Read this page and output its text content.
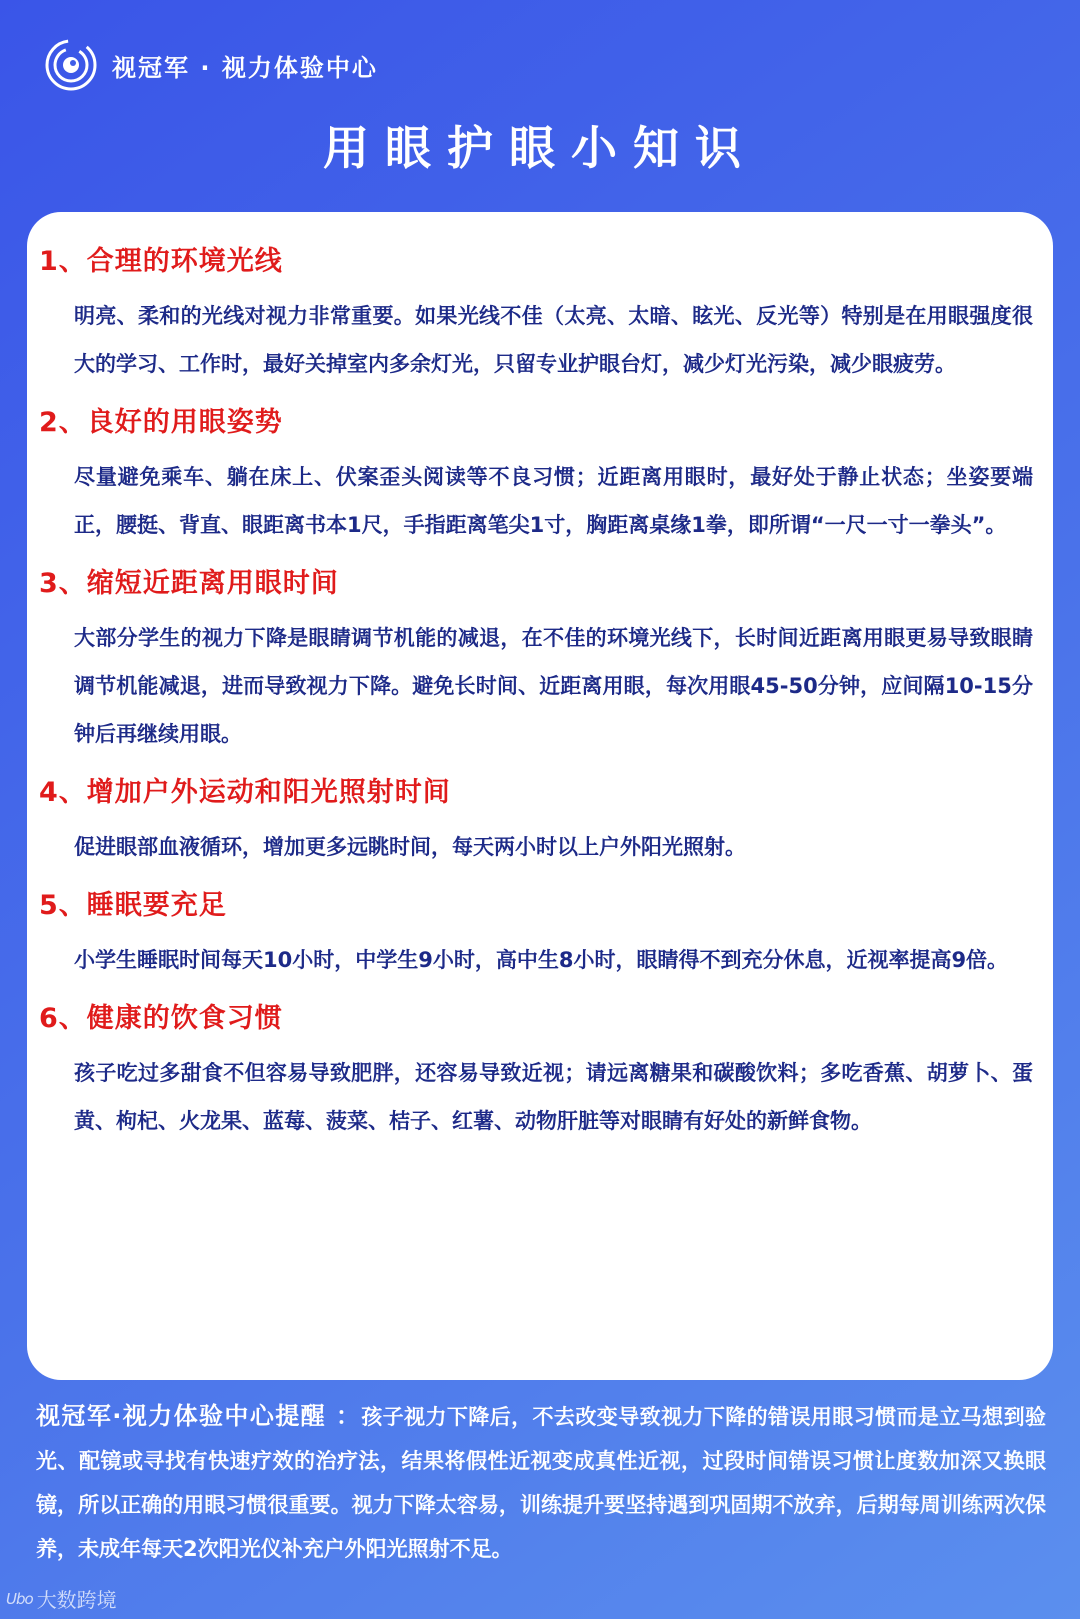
视冠军 · 视力体验中心
用眼护眼小知识
1、合理的环境光线
明亮、柔和的光线对视力非常重要。如果光线不佳（太亮、太暗、眩光、反光等）特别是在用眼强度很大的学习、工作时，最好关掉室内多余灯光，只留专业护眼台灯，减少灯光污染，减少眼疲劳。
2、良好的用眼姿势
尽量避免乘车、躺在床上、伏案歪头阅读等不良习惯；近距离用眼时，最好处于静止状态；坐姿要端正，腰挺、背直、眼距离书本1尺，手指距离笔尖1寸，胸距离桌缘1拳，即所谓“一尺一寸一拳头”。
3、缩短近距离用眼时间
大部分学生的视力下降是眼睛调节机能的减退，在不佳的环境光线下，长时间近距离用眼更易导致眼睛调节机能减退，进而导致视力下降。避免长时间、近距离用眼，每次用眼45-50分钟，应间隔10-15分钟后再继续用眼。
4、增加户外运动和阳光照射时间
促进眼部血液循环，增加更多远眺时间，每天两小时以上户外阳光照射。
5、睡眠要充足
小学生睡眠时间每天10小时，中学生9小时，高中生8小时，眼睛得不到充分休息，近视率提高9倍。
6、健康的饮食习惯
孩子吃过多甜食不但容易导致肥胖，还容易导致近视；请远离糖果和碳酸饮料；多吃香蕉、胡萝卜、蛋黄、枸杞、火龙果、蓝莓、菠菜、桔子、红薯、动物肝脏等对眼睛有好处的新鲜食物。
视冠军·视力体验中心提醒 ：孩子视力下降后，不去改变导致视力下降的错误用眼习惯而是立马想到验光、配镜或寻找有快速疗效的治疗法，结果将假性近视变成真性近视，过段时间错误习惯让度数加深又换眼镜，所以正确的用眼习惯很重要。视力下降太容易，训练提升要坚持遇到巩固期不放弃，后期每周训练两次保养，未成年每天2次阳光仪补充户外阳光照射不足。
Ubo 大数跨境
